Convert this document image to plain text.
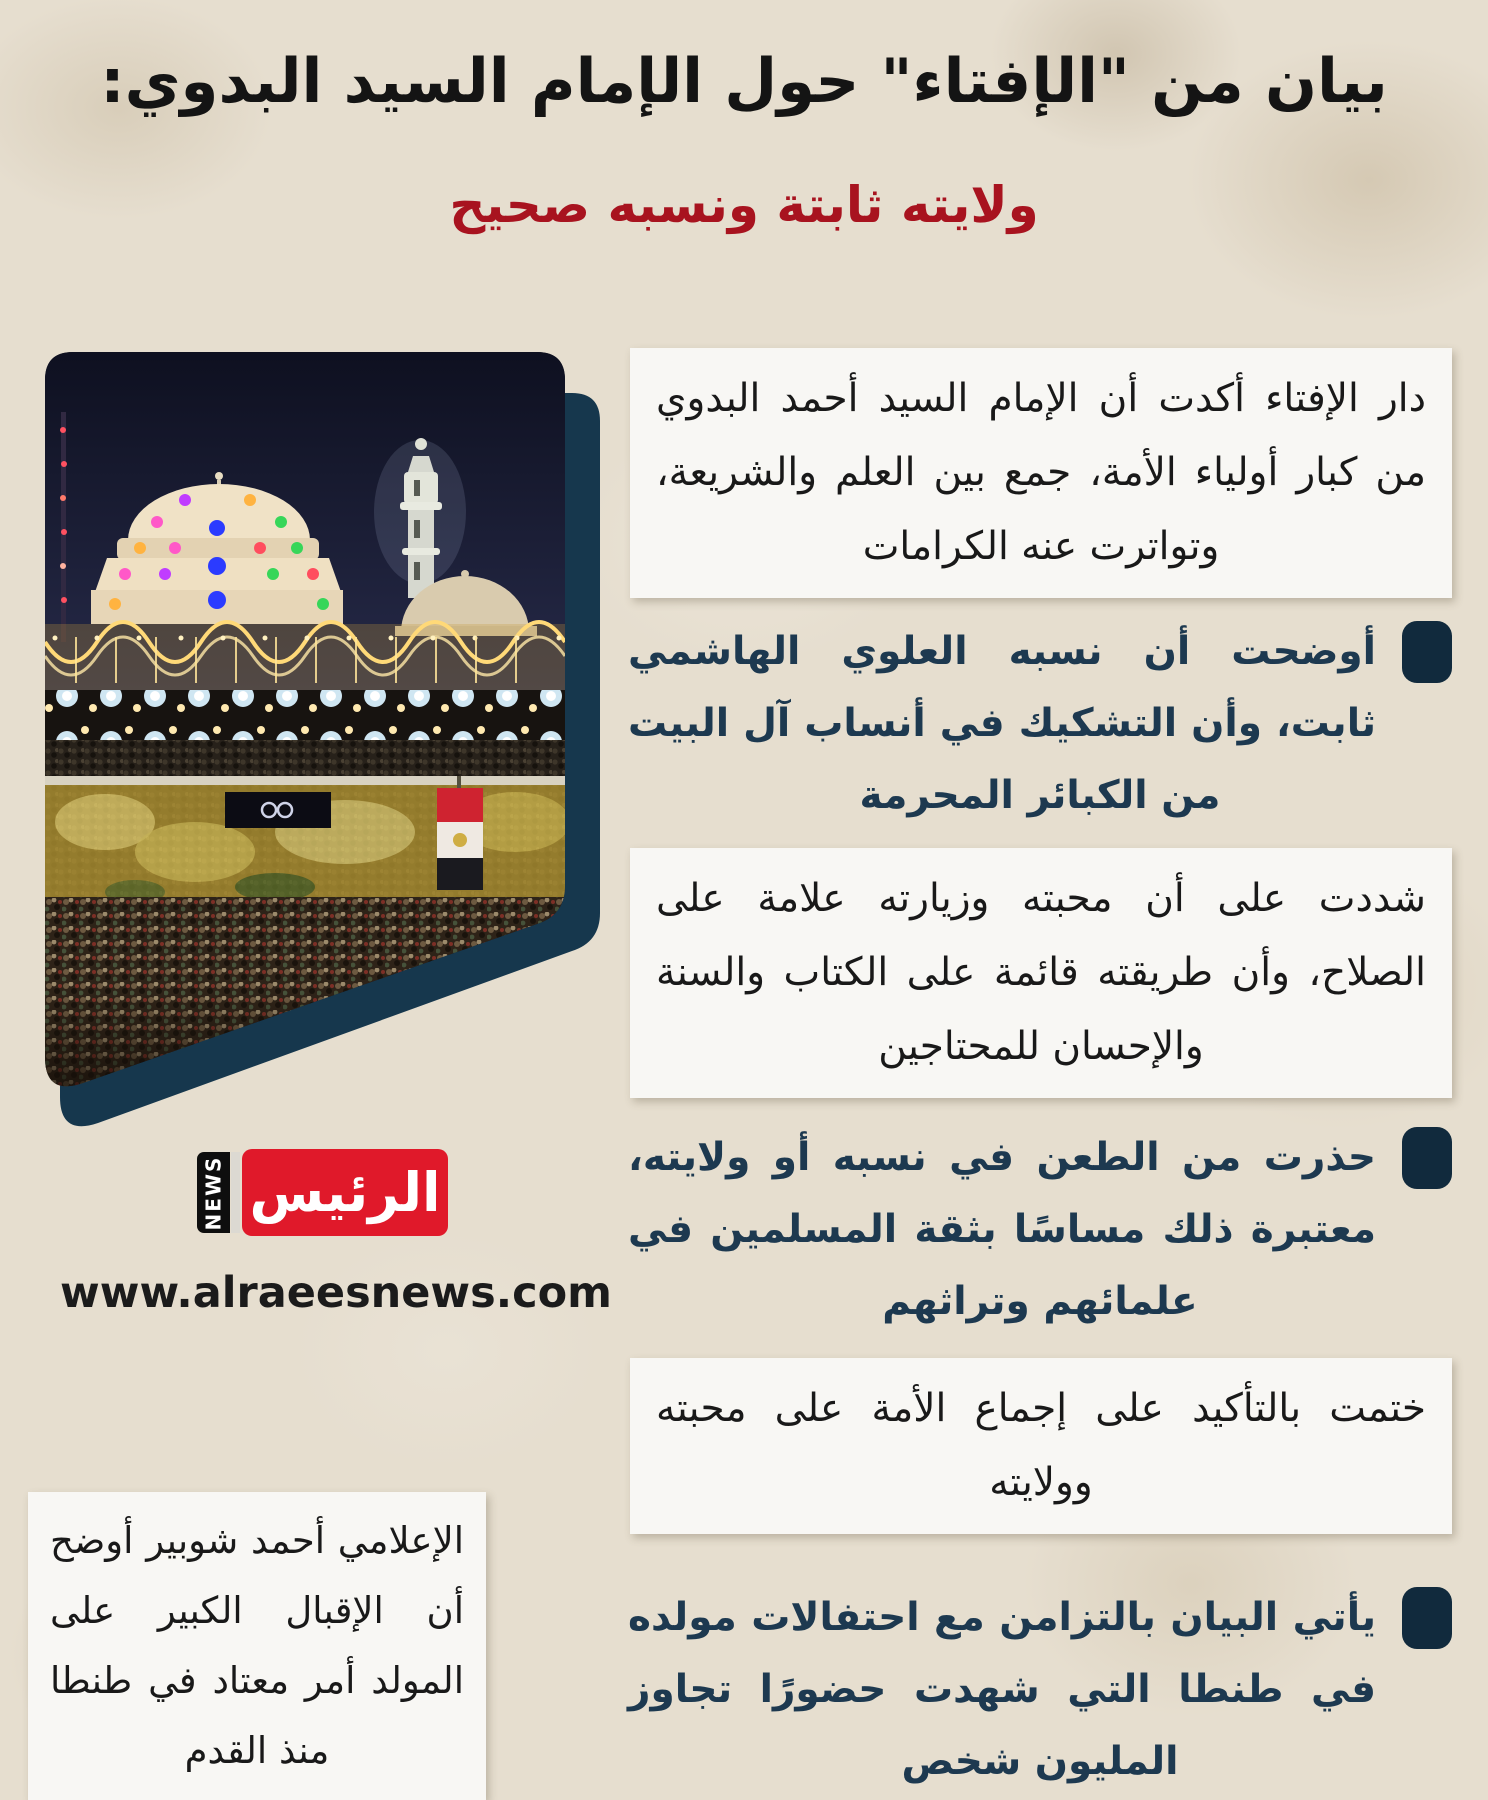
بيان من "الإفتاء" حول الإمام السيد البدوي:
ولايته ثابتة ونسبه صحيح
NEWS الرئيس
www.alraeesnews.com
دار الإفتاء أكدت أن الإمام السيد أحمد البدوي من كبار أولياء الأمة، جمع بين العلم والشريعة، وتواترت عنه الكرامات
أوضحت أن نسبه العلوي الهاشمي ثابت، وأن التشكيك في أنساب آل البيت من الكبائر المحرمة
شددت على أن محبته وزيارته علامة على الصلاح، وأن طريقته قائمة على الكتاب والسنة والإحسان للمحتاجين
حذرت من الطعن في نسبه أو ولايته، معتبرة ذلك مساسًا بثقة المسلمين في علمائهم وتراثهم
ختمت بالتأكيد على إجماع الأمة على محبته وولايته
يأتي البيان بالتزامن مع احتفالات مولده في طنطا التي شهدت حضورًا تجاوز المليون شخص
الإعلامي أحمد شوبير أوضح أن الإقبال الكبير على المولد أمر معتاد في طنطا منذ القدم
